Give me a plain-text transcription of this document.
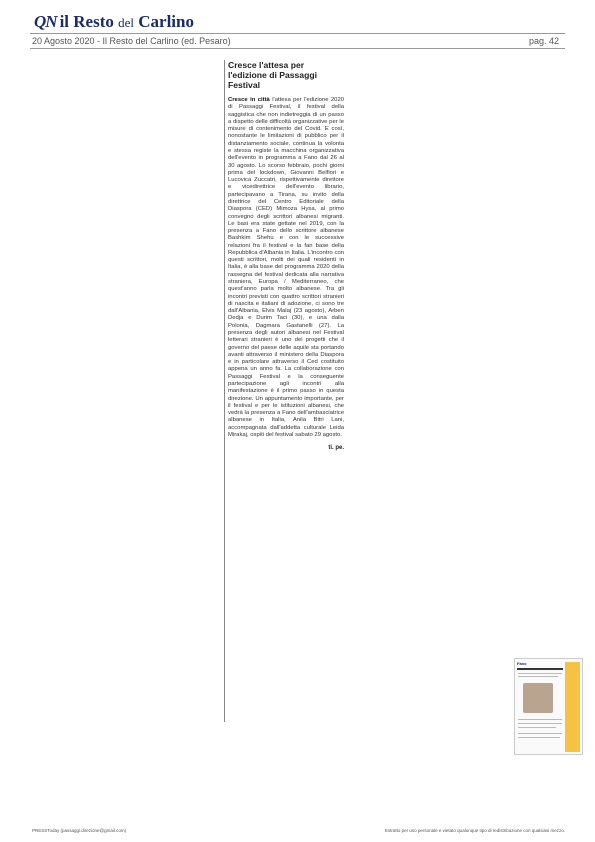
QN il Resto del Carlino
20 Agosto 2020 - Il Resto del Carlino (ed. Pesaro)	pag. 42
Cresce l'attesa per l'edizione di Passaggi Festival

Cresce in città l'attesa per l'edizione 2020 di Passaggi Festival, il festival della saggistica che non indietreggia di un passo a dispetto delle difficoltà organizzative per le misure di contenimento del Covid. E così, nonostante le limitazioni di pubblico per il distanziamento sociale, continua la volonta e stessa registe la macchina organizzativa dell'evento in programma a Fano dal 26 al 30 agosto. Lo scorso febbraio, pochi giorni prima del lockdown, Giovanni Belfiori e Lucovica Zuccatri, rispettivamente direttore e vicedirettrice dell'evento librario, partecipavano a Tirana, su invito della direttrice del Centro Editoriale della Diaspora (CED) Mimoza Hysa, al primo convegno degli scrittori albanesi migranti. Le basi era state gettate nel 2019, con la presenza a Fano dello scrittore albanese Bashkim Shehu e con le successive relazioni fra il festival e la fan base della Repubblica d'Albania in Italia. L'incontro con questi scrittori, molti dei quali residenti in Italia, è alla base del programma 2020 della rassegna del festival dedicata alla narrativa straniera, Europa / Mediterraneo, che quest'anno parla molto albanese. Tra gli incontri previsti con quattro scrittori stranieri di nascita e italiani di adozione, ci sono tre dall'Albania, Elvis Malaj (23 agosto), Arben Dedja e Durim Taci (30), e una dalla Polonia, Dagmara Gastanelli (27). La presenza degli autori albanesi nel Festival letterari stranieri è uno dei progetti che il governo del paese delle aquile sta portando avanti attraverso il ministero della Diaspora e in particolare attraverso il Ced costituito appena un anno fa. La collaborazione con Passaggi Festival e la conseguente partecipazione agli incontri alla manifestazione è il primo passo in questa direzione. Un appuntamento importante, per il festival e per le istituzioni albanesi, che vedrà la presenza a Fano dell'ambasciatrice albanese in Italia, Anila Bitri Lani, accompagnata dall'addetta culturale Leida Mirakaj, ospiti del festival sabato 29 agosto.

ti. pe.
Fano
PRESSToday (passaggi.direzione@gmail.com)	Estratto per uso personale e vietato qualunque tipo di redistribuzione con qualsiasi mezzo.
